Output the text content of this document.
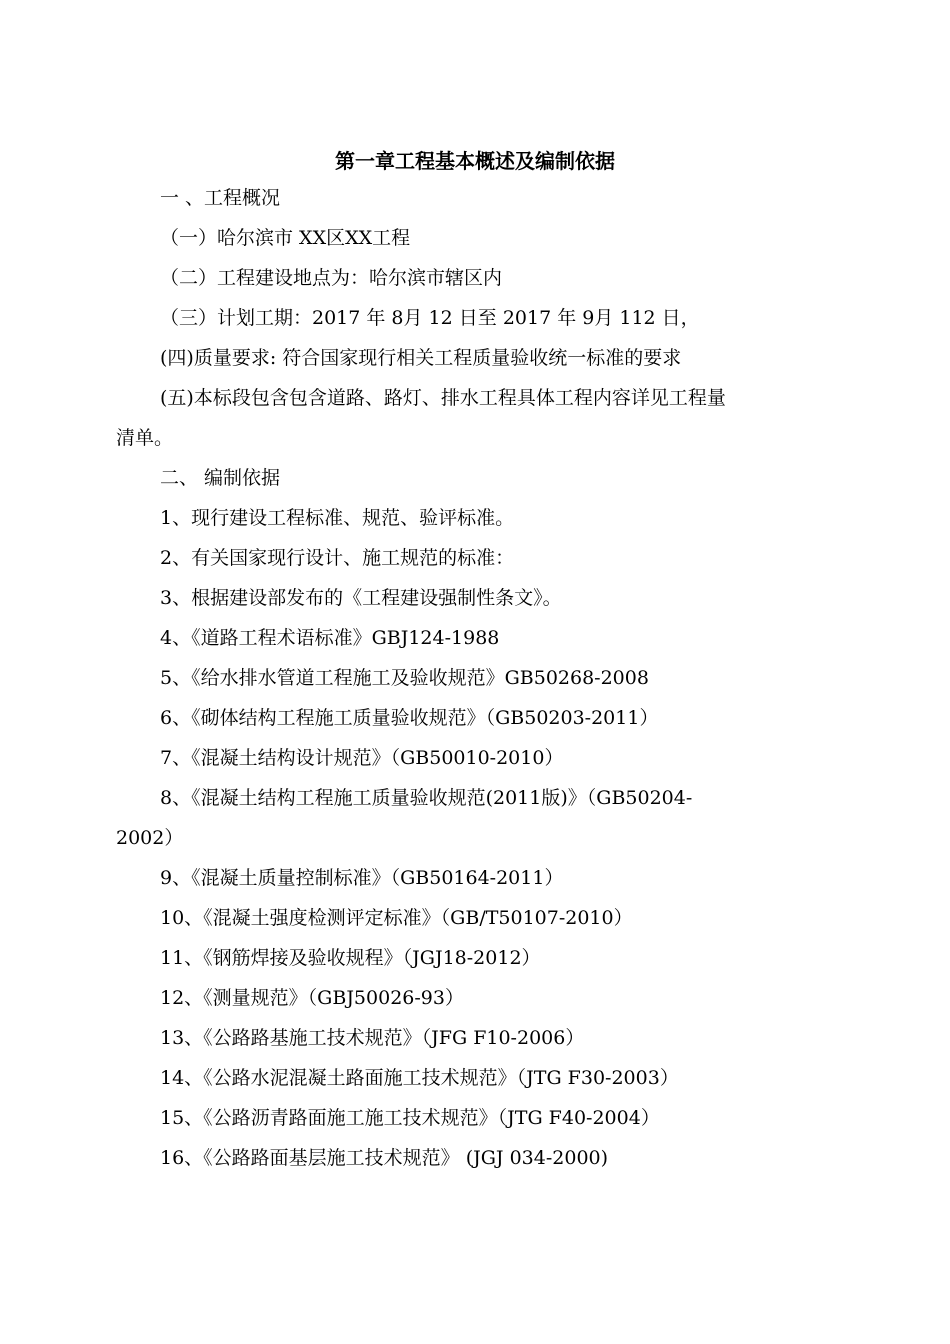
第一章工程基本概述及编制依据

一 、工程概况

（一）哈尔滨市 XX区XX工程

（二）工程建设地点为：哈尔滨市辖区内

（三）计划工期：2017 年 8月 12 日至 2017 年 9月 112 日，

(四)质量要求: 符合国家现行相关工程质量验收统一标准的要求

(五)本标段包含包含道路、路灯、排水工程具体工程内容详见工程量

清单。

二、 编制依据

1、现行建设工程标准、规范、验评标准。

2、有关国家现行设计、施工规范的标准：

3、根据建设部发布的《工程建设强制性条文》。

4、《道路工程术语标准》GBJ124-1988

5、《给水排水管道工程施工及验收规范》GB50268-2008

6、《砌体结构工程施工质量验收规范》（GB50203-2011）

7、《混凝土结构设计规范》（GB50010-2010）

8、《混凝土结构工程施工质量验收规范(2011版)》（GB50204-

2002）

9、《混凝土质量控制标准》（GB50164-2011）

10、《混凝土强度检测评定标准》（GB/T50107-2010）

11、《钢筋焊接及验收规程》（JGJ18-2012）

12、《测量规范》（GBJ50026-93）

13、《公路路基施工技术规范》（JFG F10-2006）

14、《公路水泥混凝土路面施工技术规范》（JTG F30-2003）

15、《公路沥青路面施工施工技术规范》（JTG F40-2004）

16、《公路路面基层施工技术规范》 (JGJ 034-2000)
